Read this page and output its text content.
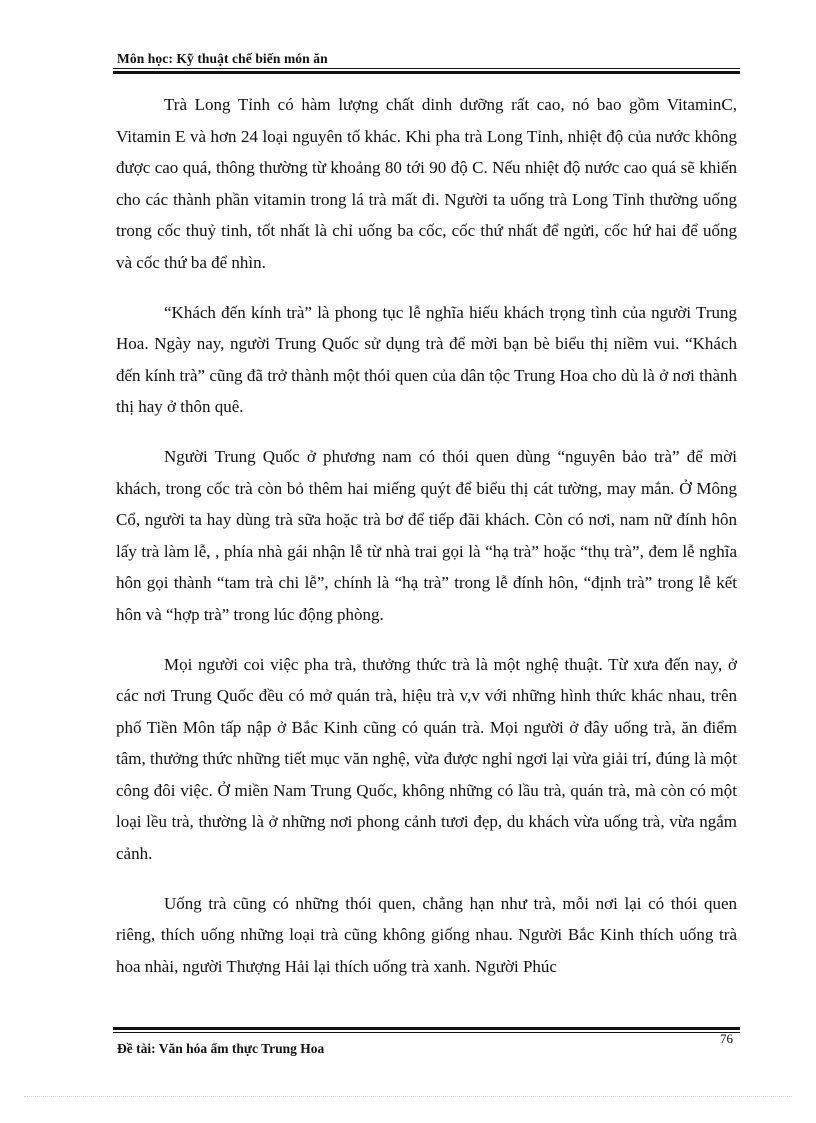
Môn học: Kỹ thuật chế biến món ăn

Trà Long Tỉnh có hàm lượng chất dinh dưỡng rất cao, nó bao gồm VitaminC, Vitamin E và hơn 24 loại nguyên tố khác. Khi pha trà Long Tỉnh, nhiệt độ của nước không được cao quá, thông thường từ khoảng 80 tới 90 độ C. Nếu nhiệt độ nước cao quá sẽ khiến cho các thành phần vitamin trong lá trà mất đi. Người ta uống trà Long Tỉnh thường uống trong cốc thuỷ tinh, tốt nhất là chỉ uống ba cốc, cốc thứ nhất để ngửi, cốc hứ hai để uống và cốc thứ ba để nhìn.

“Khách đến kính trà” là phong tục lễ nghĩa hiếu khách trọng tình của người Trung Hoa. Ngày nay, người Trung Quốc sử dụng trà để mời bạn bè biểu thị niềm vui. “Khách đến kính trà” cũng đã trở thành một thói quen của dân tộc Trung Hoa cho dù là ở nơi thành thị hay ở thôn quê.

Người Trung Quốc ở phương nam có thói quen dùng “nguyên bảo trà” để mời khách, trong cốc trà còn bỏ thêm hai miếng quýt để biểu thị cát tường, may mắn. Ở Mông Cổ, người ta hay dùng trà sữa hoặc trà bơ để tiếp đãi khách. Còn có nơi, nam nữ đính hôn lấy trà làm lễ, , phía nhà gái nhận lễ từ nhà trai gọi là “hạ trà” hoặc “thụ trà”, đem lễ nghĩa hôn gọi thành “tam trà chi lễ”, chính là “hạ trà” trong lễ đính hôn, “định trà” trong lễ kết hôn và “hợp trà” trong lúc động phòng.

Mọi người coi việc pha trà, thưởng thức trà là một nghệ thuật. Từ xưa đến nay, ở các nơi Trung Quốc đều có mở quán trà, hiệu trà v,v với những hình thức khác nhau, trên phố Tiền Môn tấp nập ở Bắc Kinh cũng có quán trà. Mọi người ở đây uống trà, ăn điểm tâm, thưởng thức những tiết mục văn nghệ, vừa được nghỉ ngơi lại vừa giải trí, đúng là một công đôi việc. Ở miền Nam Trung Quốc, không những có lầu trà, quán trà, mà còn có một loại lều trà, thường là ở những nơi phong cảnh tươi đẹp, du khách vừa uống trà, vừa ngắm cảnh.

Uống trà cũng có những thói quen, chẳng hạn như trà, mỗi nơi lại có thói quen riêng, thích uống những loại trà cũng không giống nhau. Người Bắc Kinh thích uống trà hoa nhài, người Thượng Hải lại thích uống trà xanh. Người Phúc

76
Đề tài: Văn hóa ẩm thực Trung Hoa
